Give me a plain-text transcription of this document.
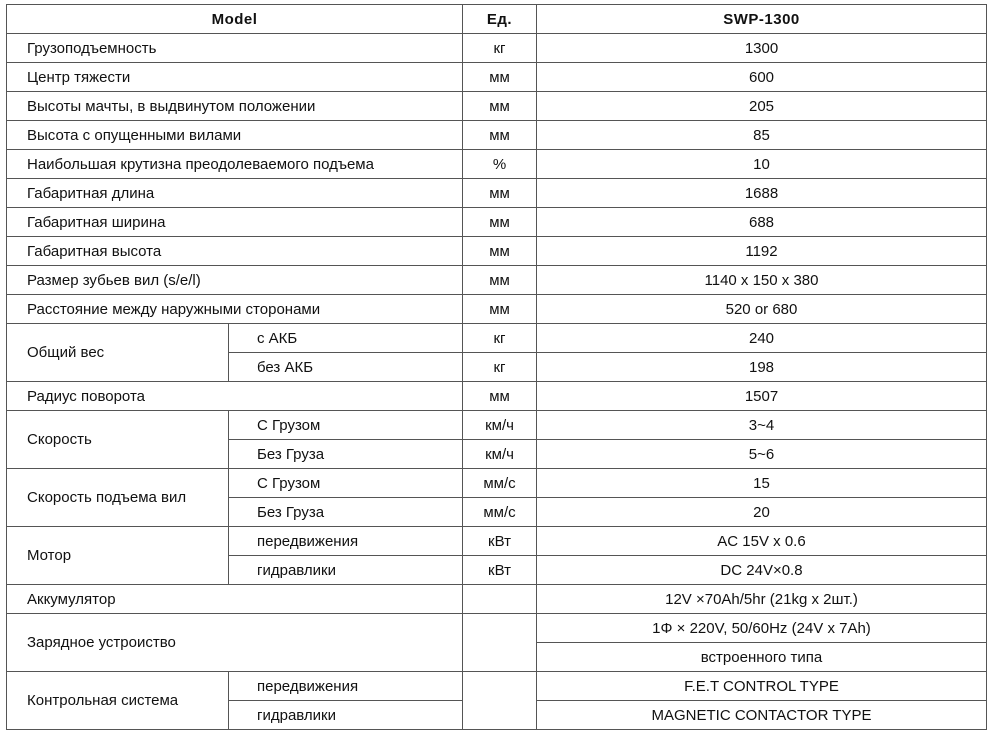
Model		Ед.	SWP-1300
Грузоподъемность		кг	1300
Центр тяжести		мм	600
Высоты мачты, в выдвинутом положении		мм	205
Высота с опущенными вилами		мм	85
Наибольшая крутизна преодолеваемого подъема		%	10
Габаритная длина		мм	1688
Габаритная ширина		мм	688
Габаритная высота		мм	1192
Размер зубьев вил (s/e/l)		мм	1140 x 150 x 380
Расстояние между наружными сторонами		мм	520 or 680
Общий вес	с АКБ	кг	240
	без АКБ	кг	198
Радиус поворота		мм	1507
Скорость	С Грузом	км/ч	3~4
	Без Груза	км/ч	5~6
Скорость подъема вил	С Грузом	мм/с	15
	Без Груза	мм/с	20
Мотор	передвижения	кВт	AC 15V x 0.6
	гидравлики	кВт	DC 24V×0.8
Аккумулятор			12V ×70Ah/5hr (21kg x 2шт.)
Зарядное устроиство			1Φ × 220V, 50/60Hz (24V x 7Ah)
			встроенного типа
Контрольная система	передвижения		F.E.T CONTROL TYPE
	гидравлики		MAGNETIC CONTACTOR TYPE
